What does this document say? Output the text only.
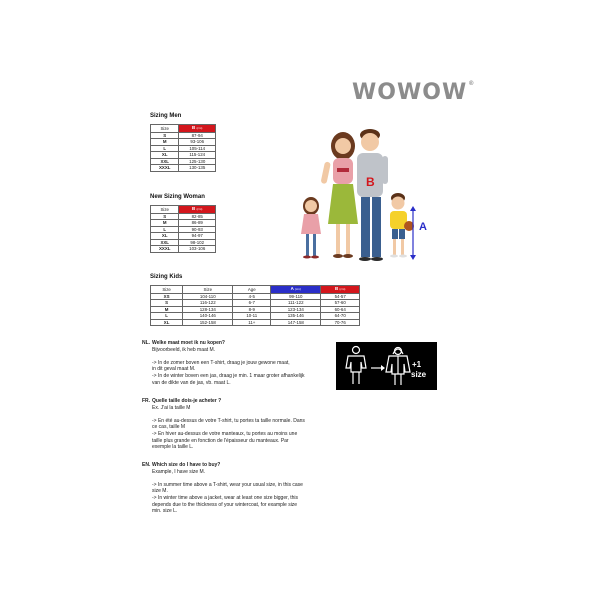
WOWOW®
Sizing Men
Size	B (cm)
S	87-94
M	93-106
L	105-114
XL	115-124
XXL	125-130
XXXL	130-135
New Sizing Woman
Size	B (cm)
S	82-85
M	86-89
L	90-93
XL	94-97
XXL	98-102
XXXL	103-106
Sizing Kids
Size	Size	Age	A (cm)	B (cm)
XS	104-110	4-5	99-110	54-57
S	116-122	6-7	111-122	57-60
M	128-134	8-9	123-134	60-64
L	140-146	10-11	135-146	64-70
XL	152-158	11+	147-158	70-76
B
A
NL. Welke maat moet ik nu kopen?
Bijvoorbeeld, ik heb maat M.
-> In de zomer boven een T-shirt, draag je jouw gewone maat,
in dit geval maat M.
-> In de winter boven een jas, draag je min. 1 maar groter afhankelijk
van de dikte van de jas, vb. maat L.
FR. Quelle taille dois-je acheter ?
Ex. J'ai la taille M
-> En été au-dessus de votre T-shirt, tu portes ta taille normale. Dans
ce cas, taille M
-> En hiver au-dessus de votre manteaux, tu portes au moins une
taille plus grande en fonction de l'épaisseur du manteaux. Par
exemple la taille L.
EN. Which size do I have to buy?
Example, I have size M.
-> In summer time above a T-shirt, wear your usual size, in this case
size M.
-> In winter time above a jacket, wear at least one size bigger, this
depends due to the thickness of your wintercoat, for example size
min. size L.
+1
size
